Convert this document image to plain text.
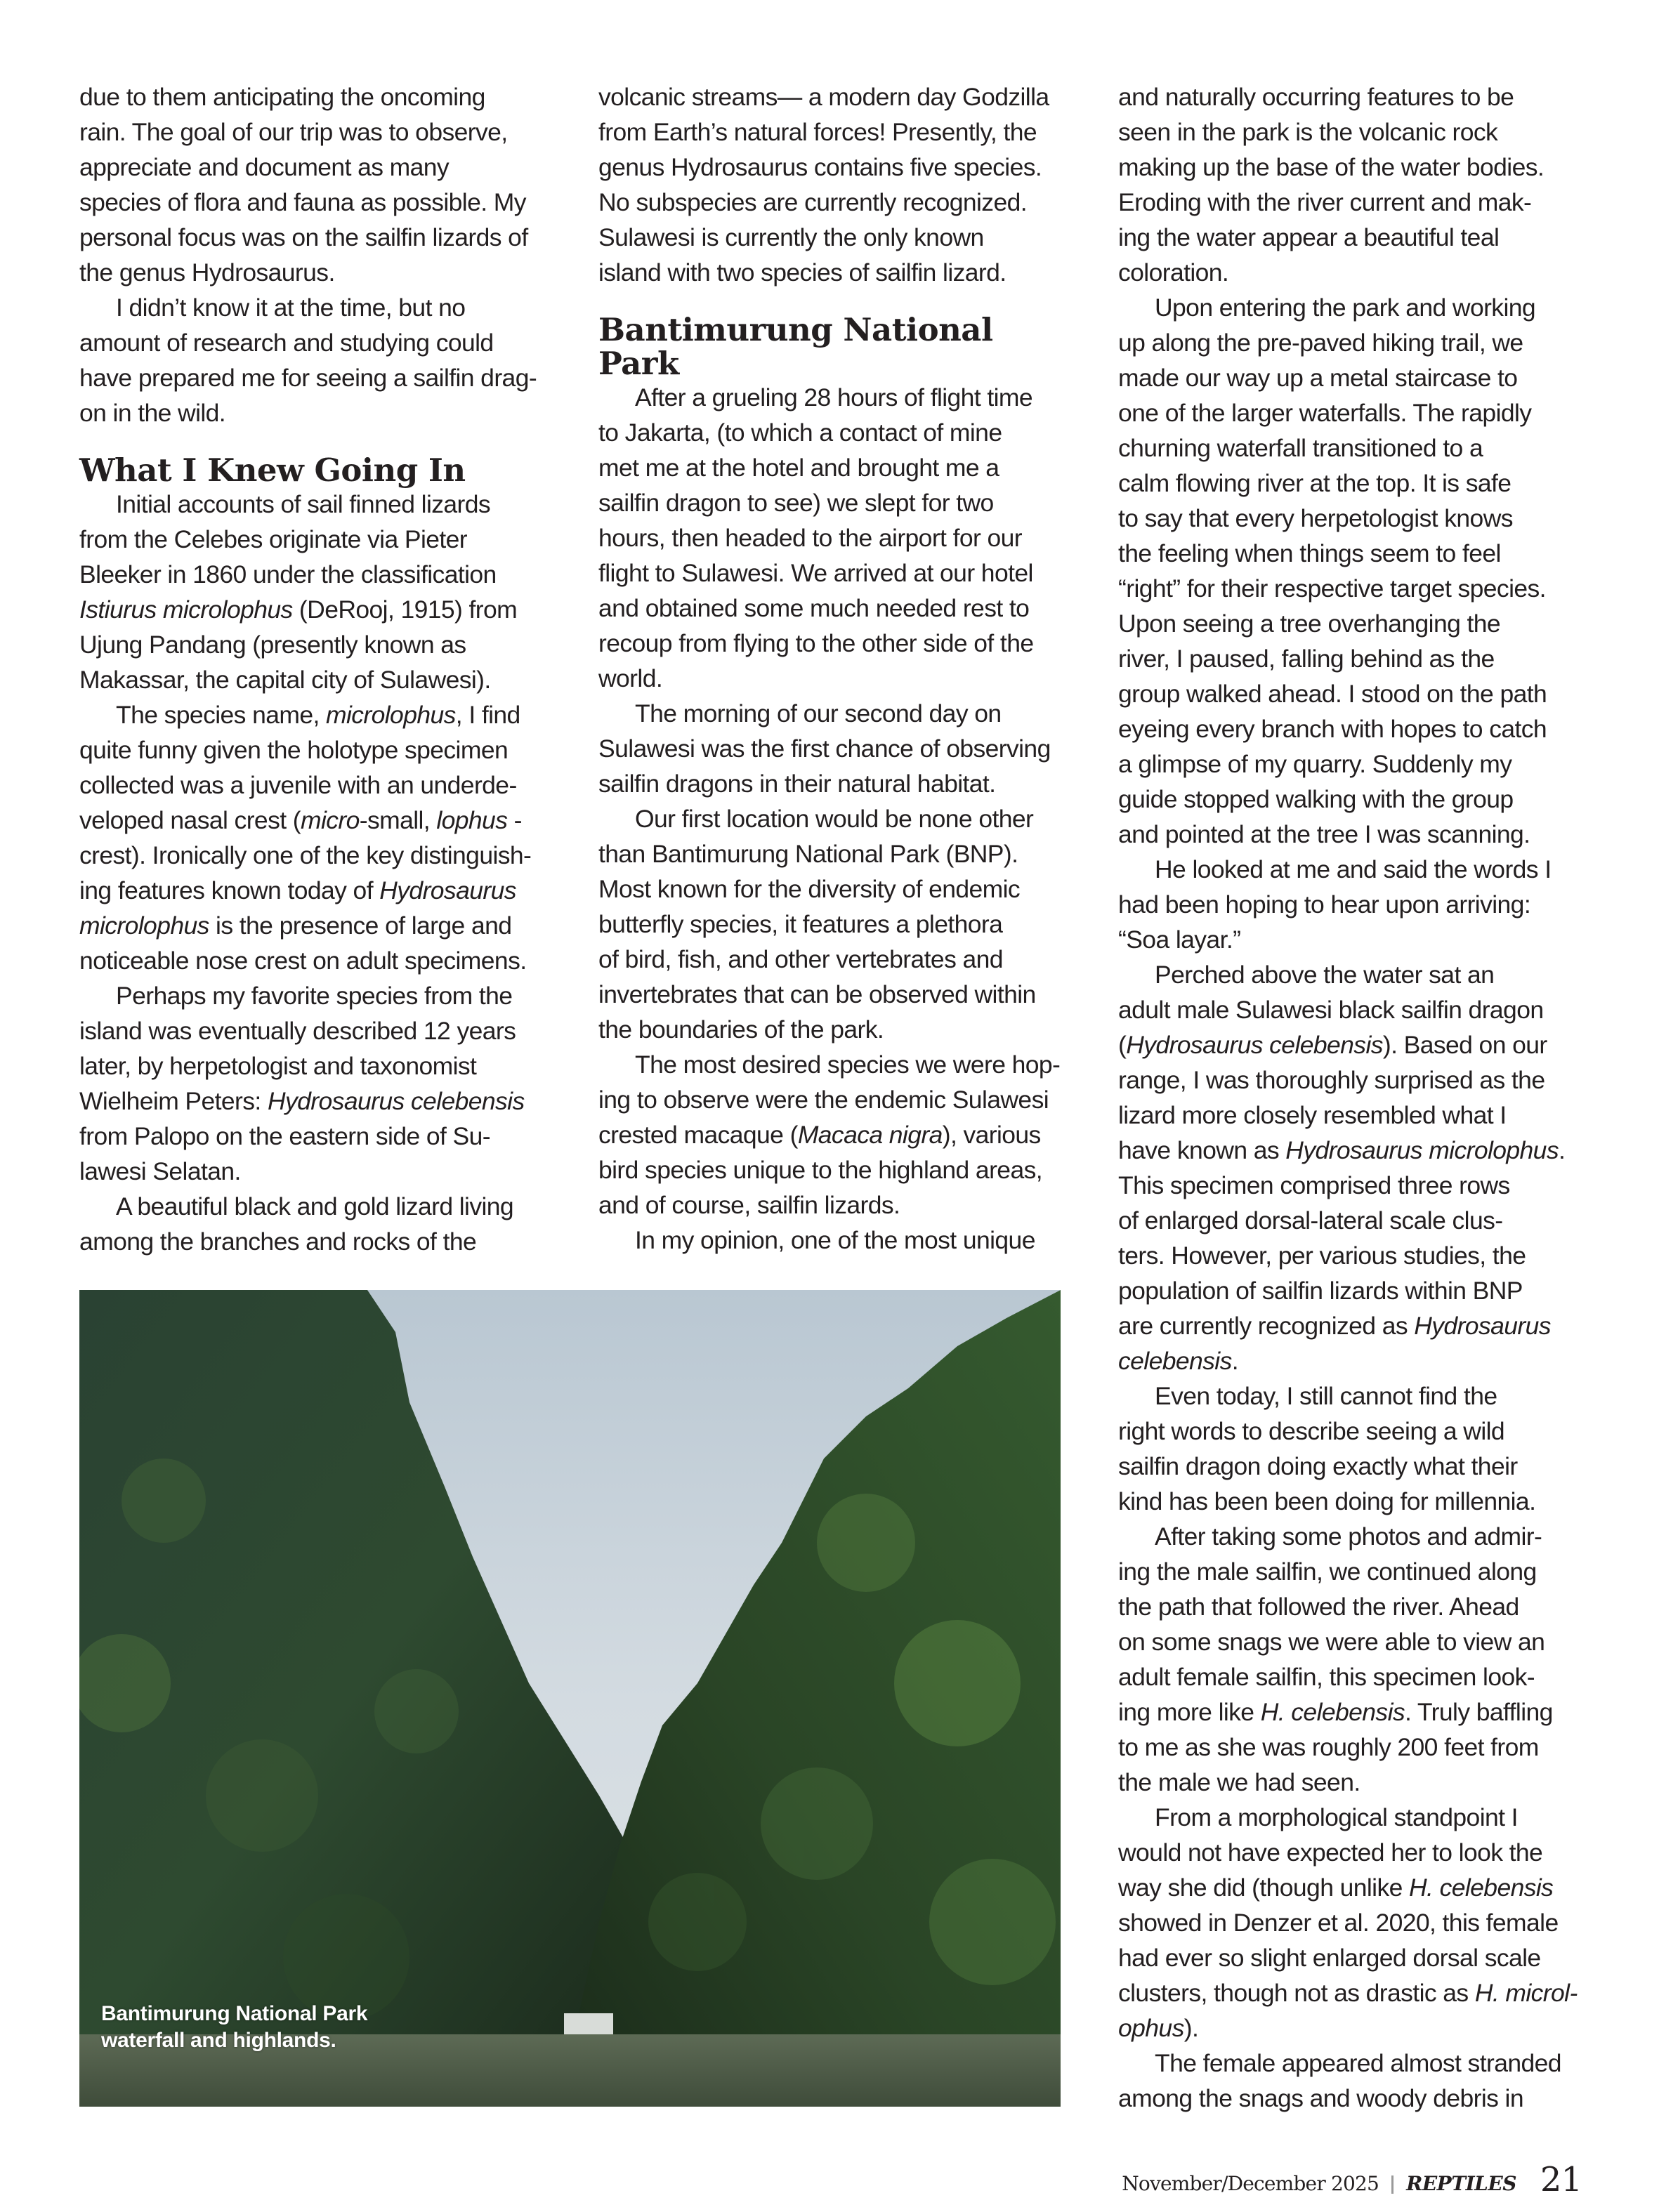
due to them anticipating the oncoming
rain. The goal of our trip was to observe,
appreciate and document as many
species of flora and fauna as possible. My
personal focus was on the sailfin lizards of
the genus Hydrosaurus.
I didn’t know it at the time, but no
amount of research and studying could
have prepared me for seeing a sailfin drag-
on in the wild.
What I Knew Going In
Initial accounts of sail finned lizards
from the Celebes originate via Pieter
Bleeker in 1860 under the classification
Istiurus microlophus (DeRooj, 1915) from
Ujung Pandang (presently known as
Makassar, the capital city of Sulawesi).
The species name, microlophus, I find
quite funny given the holotype specimen
collected was a juvenile with an underde-
veloped nasal crest (micro-small, lophus -
crest). Ironically one of the key distinguish-
ing features known today of Hydrosaurus
microlophus is the presence of large and
noticeable nose crest on adult specimens.
Perhaps my favorite species from the
island was eventually described 12 years
later, by herpetologist and taxonomist
Wielheim Peters: Hydrosaurus celebensis
from Palopo on the eastern side of Su-
lawesi Selatan.
A beautiful black and gold lizard living
among the branches and rocks of the
volcanic streams— a modern day Godzilla
from Earth’s natural forces! Presently, the
genus Hydrosaurus contains five species.
No subspecies are currently recognized.
Sulawesi is currently the only known
island with two species of sailfin lizard.
Bantimurung National
Park
After a grueling 28 hours of flight time
to Jakarta, (to which a contact of mine
met me at the hotel and brought me a
sailfin dragon to see) we slept for two
hours, then headed to the airport for our
flight to Sulawesi. We arrived at our hotel
and obtained some much needed rest to
recoup from flying to the other side of the
world.
The morning of our second day on
Sulawesi was the first chance of observing
sailfin dragons in their natural habitat.
Our first location would be none other
than Bantimurung National Park (BNP).
Most known for the diversity of endemic
butterfly species, it features a plethora
of bird, fish, and other vertebrates and
invertebrates that can be observed within
the boundaries of the park.
The most desired species we were hop-
ing to observe were the endemic Sulawesi
crested macaque (Macaca nigra), various
bird species unique to the highland areas,
and of course, sailfin lizards.
In my opinion, one of the most unique
and naturally occurring features to be
seen in the park is the volcanic rock
making up the base of the water bodies.
Eroding with the river current and mak-
ing the water appear a beautiful teal
coloration.
Upon entering the park and working
up along the pre-paved hiking trail, we
made our way up a metal staircase to
one of the larger waterfalls. The rapidly
churning waterfall transitioned to a
calm flowing river at the top. It is safe
to say that every herpetologist knows
the feeling when things seem to feel
“right” for their respective target species.
Upon seeing a tree overhanging the
river, I paused, falling behind as the
group walked ahead. I stood on the path
eyeing every branch with hopes to catch
a glimpse of my quarry. Suddenly my
guide stopped walking with the group
and pointed at the tree I was scanning.
He looked at me and said the words I
had been hoping to hear upon arriving:
“Soa layar.”
Perched above the water sat an
adult male Sulawesi black sailfin dragon
(Hydrosaurus celebensis). Based on our
range, I was thoroughly surprised as the
lizard more closely resembled what I
have known as Hydrosaurus microlophus.
This specimen comprised three rows
of enlarged dorsal-lateral scale clus-
ters. However, per various studies, the
population of sailfin lizards within BNP
are currently recognized as Hydrosaurus
celebensis.
Even today, I still cannot find the
right words to describe seeing a wild
sailfin dragon doing exactly what their
kind has been been doing for millennia.
After taking some photos and admir-
ing the male sailfin, we continued along
the path that followed the river. Ahead
on some snags we were able to view an
adult female sailfin, this specimen look-
ing more like H. celebensis. Truly baffling
to me as she was roughly 200 feet from
the male we had seen.
From a morphological standpoint I
would not have expected her to look the
way she did (though unlike H. celebensis
showed in Denzer et al. 2020, this female
had ever so slight enlarged dorsal scale
clusters, though not as drastic as H. microl-
ophus).
The female appeared almost stranded
among the snags and woody debris in
Bantimurung National Park
waterfall and highlands.
November/December 2025 REPTILES 21
